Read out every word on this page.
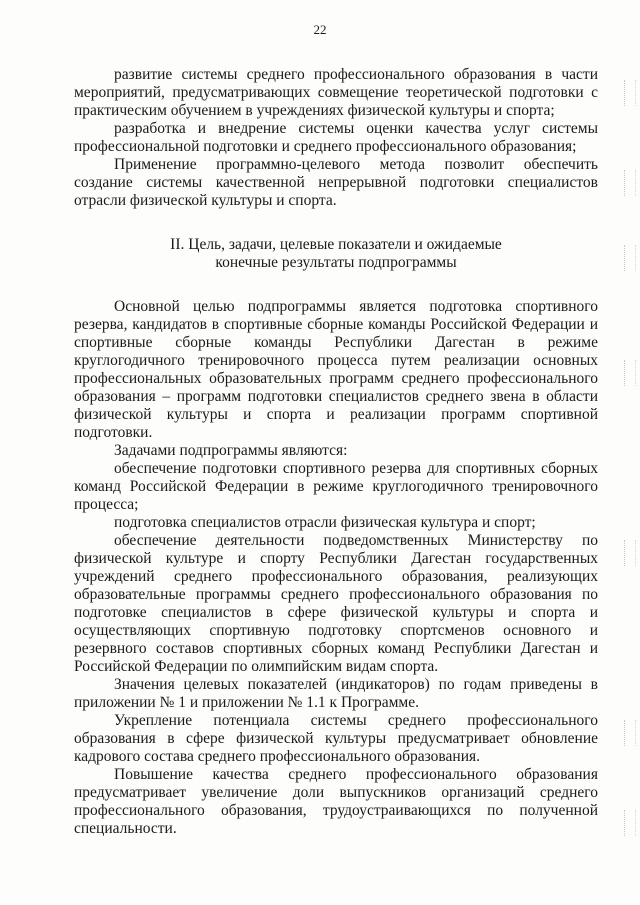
22

развитие системы среднего профессионального образования в части мероприятий, предусматривающих совмещение теоретической подготовки с практическим обучением в учреждениях физической культуры и спорта;

разработка и внедрение системы оценки качества услуг системы профессиональной подготовки и среднего профессионального образования;

Применение программно-целевого метода позволит обеспечить создание системы качественной непрерывной подготовки специалистов отрасли физической культуры и спорта.

II. Цель, задачи, целевые показатели и ожидаемые
конечные результаты подпрограммы

Основной целью подпрограммы является подготовка спортивного резерва, кандидатов в спортивные сборные команды Российской Федерации и спортивные сборные команды Республики Дагестан в режиме круглогодичного тренировочного процесса путем реализации основных профессиональных образовательных программ среднего профессионального образования – программ подготовки специалистов среднего звена в области физической культуры и спорта и реализации программ спортивной подготовки.

Задачами подпрограммы являются:

обеспечение подготовки спортивного резерва для спортивных сборных команд Российской Федерации в режиме круглогодичного тренировочного процесса;

подготовка специалистов отрасли физическая культура и спорт;

обеспечение деятельности подведомственных Министерству по физической культуре и спорту Республики Дагестан государственных учреждений среднего профессионального образования, реализующих образовательные программы среднего профессионального образования по подготовке специалистов в сфере физической культуры и спорта и осуществляющих спортивную подготовку спортсменов основного и резервного составов спортивных сборных команд Республики Дагестан и Российской Федерации по олимпийским видам спорта.

Значения целевых показателей (индикаторов) по годам приведены в приложении № 1 и приложении № 1.1 к Программе.

Укрепление потенциала системы среднего профессионального образования в сфере физической культуры предусматривает обновление кадрового состава среднего профессионального образования.

Повышение качества среднего профессионального образования предусматривает увеличение доли выпускников организаций среднего профессионального образования, трудоустраивающихся по полученной специальности.
